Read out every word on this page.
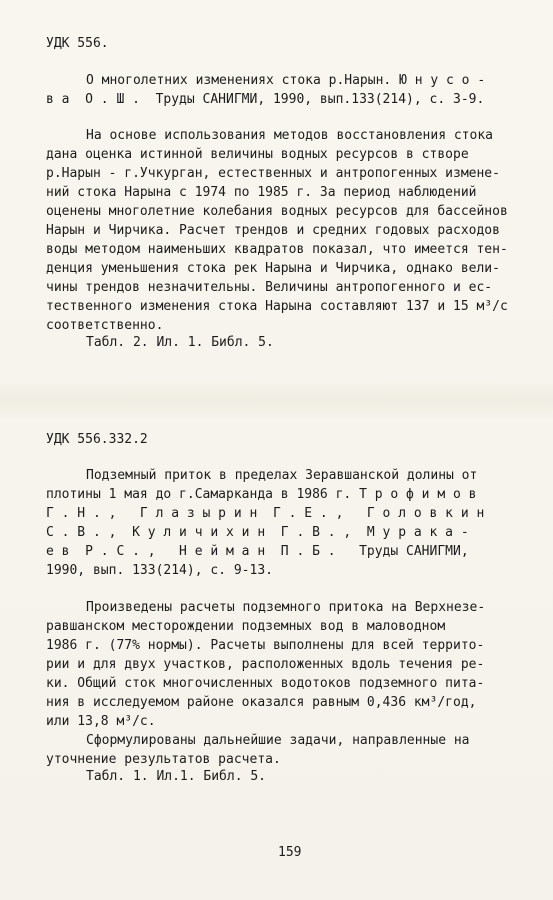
УДК 556.
О многолетних изменениях стока р.Нарын. Ю н у с о -
в а  О . Ш .  Труды САНИГМИ, 1990, вып.133(214), с. 3-9.
На основе использования методов восстановления стока
дана оценка истинной величины водных ресурсов в створе
р.Нарын - г.Учкурган, естественных и антропогенных измене-
ний стока Нарына с 1974 по 1985 г. За период наблюдений
оценены многолетние колебания водных ресурсов для бассейнов
Нарын и Чирчика. Расчет трендов и средних годовых расходов
воды методом наименьших квадратов показал, что имеется тен-
денция уменьшения стока рек Нарына и Чирчика, однако вели-
чины трендов незначительны. Величины антропогенного и ес-
тественного изменения стока Нарына составляют 137 и 15 м³/с
соответственно.
Табл. 2. Ил. 1. Библ. 5.
УДК 556.332.2
Подземный приток в пределах Зеравшанской долины от
плотины 1 мая до г.Самарканда в 1986 г. Т р о ф и м о в
Г . Н . ,   Г л а з ы р и н  Г . Е . ,   Г о л о в к и н
С . В . ,  К у л и ч и х и н  Г . В . ,  М у р а к а -
е в  Р . С . ,   Н е й м а н  П . Б .   Труды САНИГМИ,
1990, вып. 133(214), с. 9-13.
Произведены расчеты подземного притока на Верхнезе-
равшанском месторождении подземных вод в маловодном
1986 г. (77% нормы). Расчеты выполнены для всей террито-
рии и для двух участков, расположенных вдоль течения ре-
ки. Общий сток многочисленных водотоков подземного пита-
ния в исследуемом районе оказался равным 0,436 км³/год,
или 13,8 м³/с.
Сформулированы дальнейшие задачи, направленные на
уточнение результатов расчета.
Табл. 1. Ил.1. Библ. 5.
159
